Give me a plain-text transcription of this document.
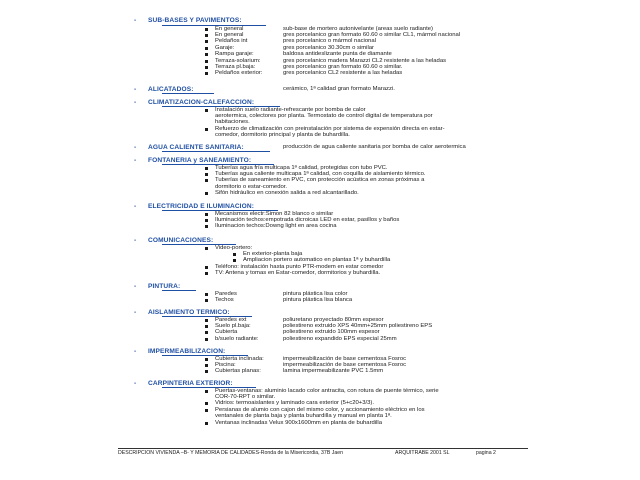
- SUB-BASES Y PAVIMENTOS:
En general	sub-base de mortero autonivelante (areas suelo radiante)
En general	gres porcelanico gran formato 60.60 o similar CL1, mármol nacional
Peldaños int	pres porcelanico o mármol nacional
Garaje:	gres porcelanico 30.30cm o similar
Rampa garaje:	baldosa antideslizante punta de diamante
Terraza-solarium:	gres porcelanico madera Marazzi CL2 resistente a las heladas
Terraza pl.baja:	gres porcelanico gran formato 60.60 o similar.
Peldaños exterior:	gres porcelanico CL2 resistente a las heladas
- ALICATADOS:	cerámico, 1ª calidad gran formato Marazzi.
- CLIMATIZACION-CALEFACCION:
Instalación suelo radiante-refrescante por bomba de calor
aerotermica, colectores por planta. Termostato de control digital de temperatura por
habitaciones.
Refuerzo de climatización con preinstalación por sistema de expensión directa en estar-
comedor, dormitorio principal y planta de buhardilla.
- AGUA CALIENTE SANITARIA:	producción de agua caliente sanitaria por bomba de calor aerotermica
- FONTANERIA y SANEAMIENTO:
Tuberías agua fría multicapa 1ª calidad, protegidas con tubo PVC.
Tuberías agua caliente multicapa 1ª calidad, con coquilla de aislamiento térmico.
Tuberías de saneamiento en PVC, con protección acústica en zonas próximas a
dormitorio o estar-comedor.
Sifón hidráulico en conexión salida a red alcantarillado.
- ELECTRICIDAD E ILUMINACION:
Mecanismos electr:Simon 82 blanco o similar
Iluminación techos:empotrada dicroicas LED en estar, pasillos y baños
Iluminacion techos:Downg light en area cocina
- COMUNICACIONES:
Video-portero:
En exterior-planta baja
Ampliacion portero automatico en plantas 1ª y buhardilla
Teléfono: instalación hasta punto PTR-modem en estar comedor
TV: Antena y tomas en Estar-comedor, dormitorios y buhardilla.
- PINTURA:
Paredes	pintura plástica lisa color
Techos	pintura plástica lisa blanca
- AISLAMIENTO TERMICO:
Paredes ext	poliuretano proyectado 80mm espesor
Suelo pl.baja:	poliestireno extruido XPS 40mm+25mm poliestireno EPS
Cubierta	poliestireno extruido 100mm espesor
b/suelo radiante:	poliestireno expandido EPS especial 25mm
- IMPERMEABILIZACION:
Cubierta inclinada:	impermeabilización de base cementosa Fosroc
Piscina:	impermeabilización de base cementosa Fosroc
Cubiertas planas:	lamina impermeabilizante PVC 1.5mm
- CARPINTERIA EXTERIOR:
Puertas-ventanas: aluminio lacado color antracita, con rotura de puente térmico, serie
COR-70-RPT o similar.
Vidrios: termoaislantes y laminado cara exterior (5+c20+3/3).
Persianas de alumio con cajon del mismo color, y accionamiento eléctrico en los
ventanales de planta baja y planta buhardilla y manual en planta 1ª.
Ventanas inclinadas Velux 900x1600mm en planta de buhardilla
DESCRIPCION VIVIENDA –B- Y MEMORIA DE CALIDADES-Ronda de la Misericordia, 37B Jaen	ARQUITRABE 2001 SL	pagina 2
